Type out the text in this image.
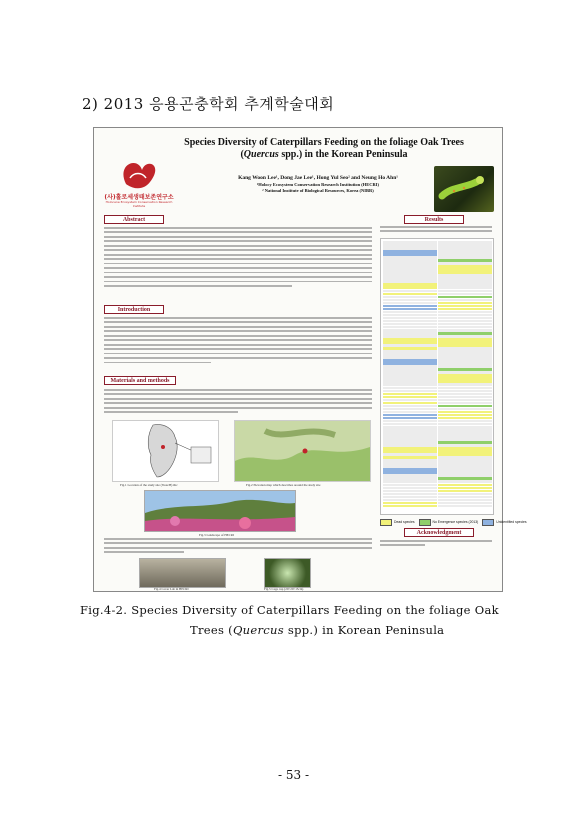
2) 2013 응용곤충학회 추계학술대회
(사)홀로세생태보존연구소
Holocene Ecosystem Conservation Research Institute
Species Diversity of Caterpillars Feeding on the foliage Oak Trees
(Quercus spp.) in the Korean Peninsula
Kang Woon Lee¹, Dong Jae Lee¹, Hong Yul Seo² and Neung Ho Ahn¹
¹Holocy Ecosystem Conservation Research Institution (HECRI)
² National Institute of Biological Resources, Korea (NIBR)
Abstract
Introduction
Materials and methods
Fig.1 Location of the study site (Yosu/H)1Kc	Fig.2 Elevation map which describes around the study site
Fig.3 Landscape of HECRI
Fig.4 Cover Lab in HECRI	Fig.5 Cage cup (20×20×15cm)
Results
Dead species	No Emergence species (2013)	Unidentified species
Acknowledgment
Fig.4-2. Species Diversity of Caterpillars Feeding on the foliage Oak
Trees (Quercus spp.) in Korean Peninsula
- 53 -
